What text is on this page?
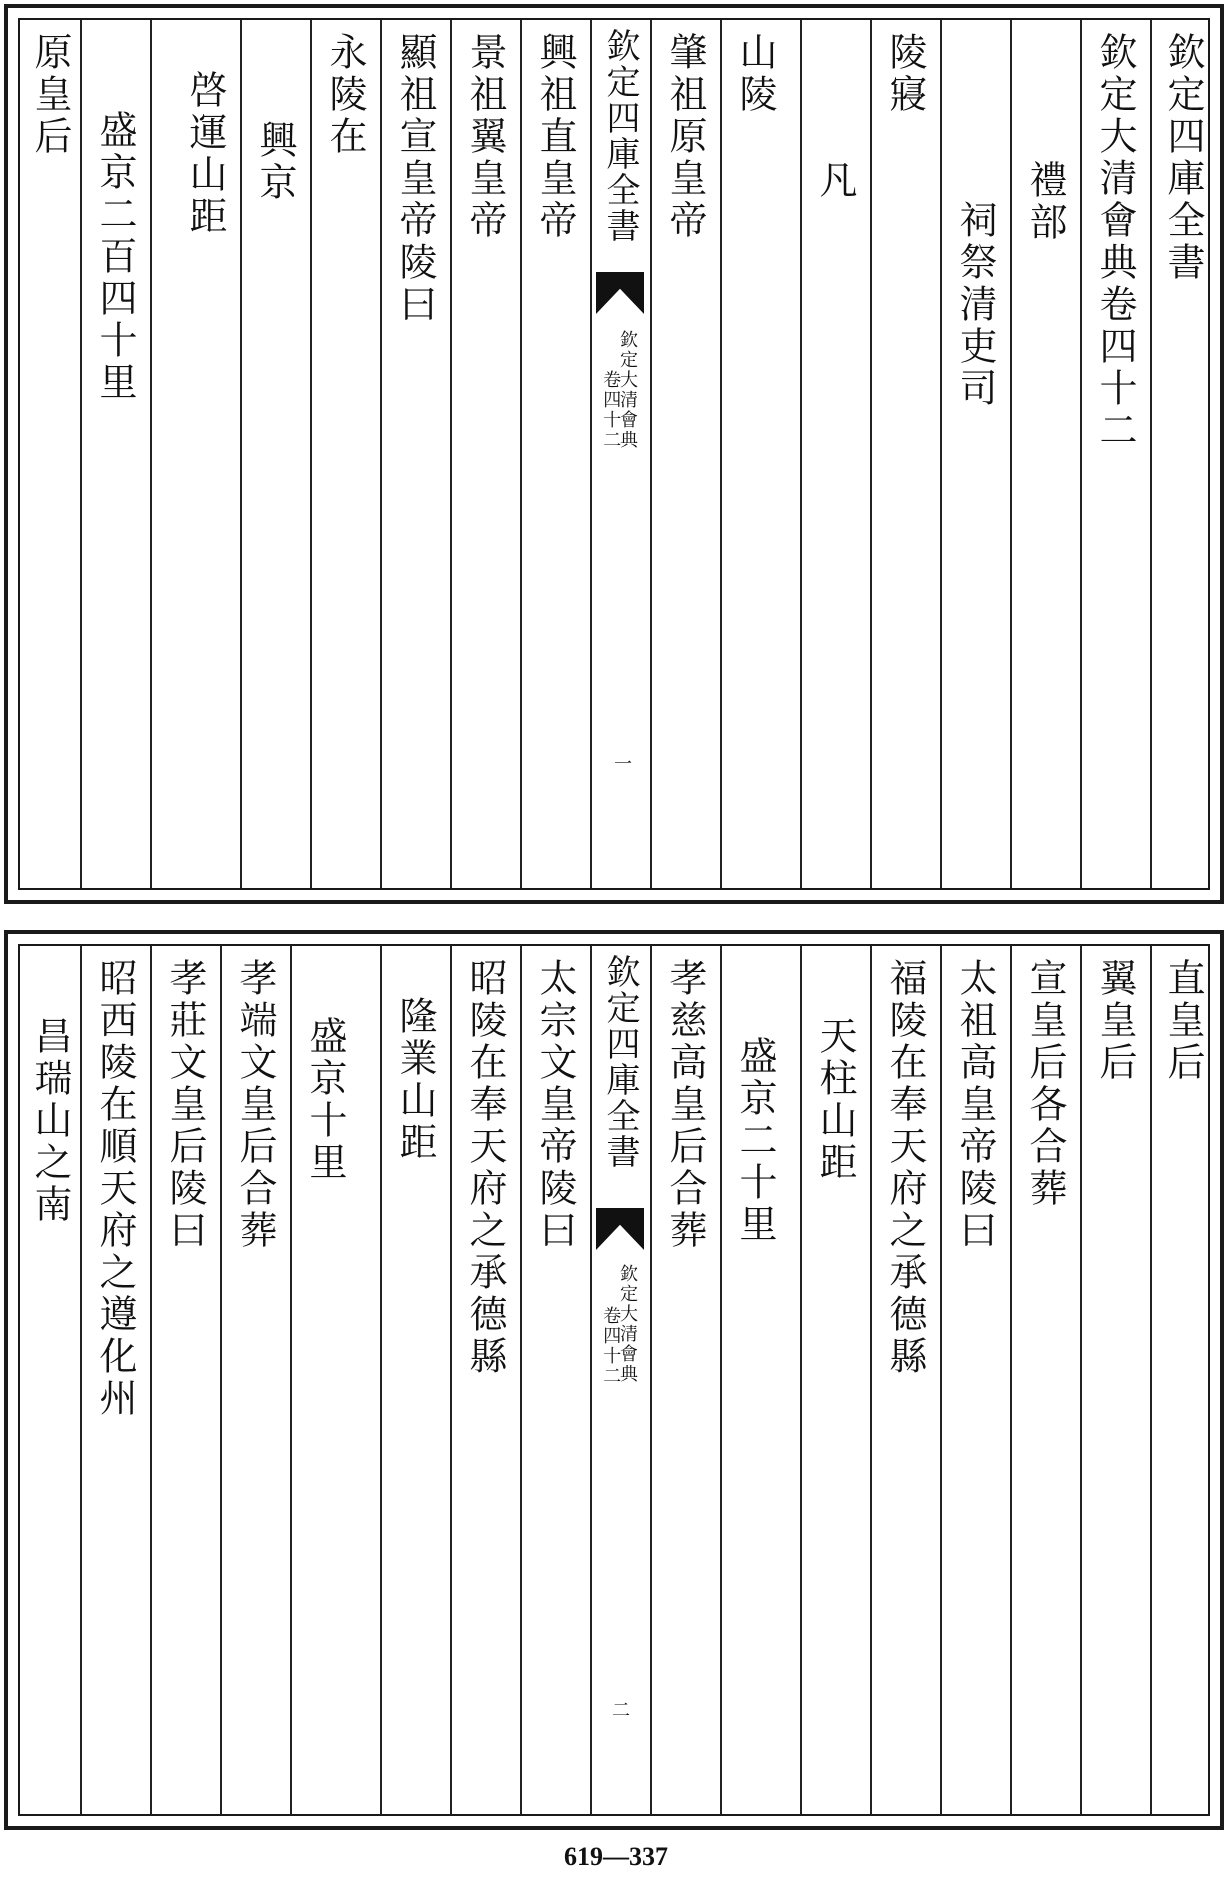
欽定四庫全書
欽定大清會典卷四十二
禮部
祠祭清吏司
陵寢
凡
山陵
肇祖原皇帝
欽定四庫全書
欽定大清會典
卷四十二
一
興祖直皇帝
景祖翼皇帝
顯祖宣皇帝陵曰
永陵在
興京
啓運山距
盛京二百四十里
原皇后
直皇后
翼皇后
宣皇后各合葬
太祖高皇帝陵曰
福陵在奉天府之承德縣
天柱山距
盛京二十里
孝慈高皇后合葬
欽定四庫全書
欽定大清會典
卷四十二
二
太宗文皇帝陵曰
昭陵在奉天府之承德縣
隆業山距
盛京十里
孝端文皇后合葬
孝莊文皇后陵曰
昭西陵在順天府之遵化州
昌瑞山之南
619—337
